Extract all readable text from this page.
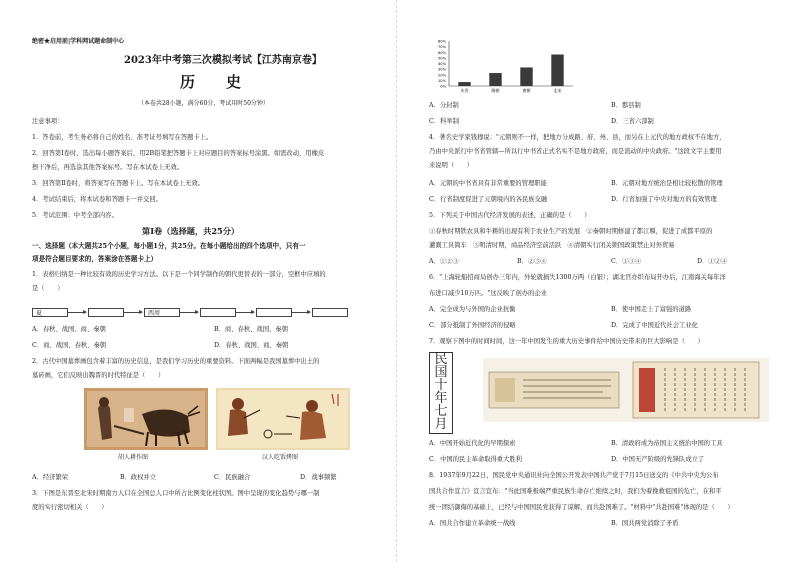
绝密★启用前|学科网试题命制中心
2023年中考第三次模拟考试【江苏南京卷】
历　史
（本卷共28小题，满分60分，考试用时50分钟）
注意事项：
1．答卷前，考生务必将自己的姓名、准考证号填写在答题卡上。
2．回答第Ⅰ卷时，选出每小题答案后，用2B铅笔把答题卡上对应题目的答案标号涂黑。如需改动，用橡皮
擦干净后，再选涂其他答案标号。写在本试卷上无效。
3．回答第Ⅱ卷时，将答案写在答题卡上。写在本试卷上无效。
4．考试结束后，将本试卷和答题卡一并交回。
5．考试范围：中考全部内容。
第Ⅰ卷（选择题，共25分）
一、选择题（本大题共25个小题，每小题1分，共25分。在每小题给出的四个选项中，只有一
项是符合题目要求的，答案涂在答题卡上）
1．表格归纳是一种比较有效的历史学习方法。以下是一个同学制作的朝代更替表的一部分，空框中应填的
是（　　）
夏	西周
A．春秋、战国、商、秦朝	B．商、春秋、战国、秦朝
C．商、战国、春秋、秦朝	D．春秋、战国、商、秦朝
2．古代中国墓葬画包含着丰富的历史信息，是我们学习历史的重要资料。下面两幅是我国墓葬中出土的
墓砖画，它们反映出魏晋的时代特征是（　　）
胡人耕作图	汉人吃饭烤图
A．经济繁荣	B．政权并立	C．民族融合	D．战事频繁
3．下图是东晋至北宋时期南方人口在全国总人口中所占比例变化柱状图。图中呈现的变化趋势与哪一制
度的实行密切相关（　　）
80%
70%
60%
50%
40%
30%
20%
10%
0%
东晋	隋朝	唐朝	北宋
A．分封制	B．郡县制
C．科举制	D．三省六部制
4．著名史学家钱穆说："元朝则不一样，把地方分成路、府、州、县，而另在上元代的地方政权不在地方，
乃由中央派行中书省管辖—所以行中书省正式名实不是地方政府，而是流动的中央政府。"这段文字主要用
来说明（　　）
A．元朝的中书省具有非常重要的管理职能	B．元朝对地方统治是相比较松散的管理
C．行省制度促进了元朝境内的各民族交融	D．行省加强了中央对地方的有效管理
5．下列关于中国古代经济发展的表述，正确的是（　　）
①春秋时期铁农具和牛耕的出现有利于农业生产的发展　②秦朝时期修建了都江堰，促进了成都平原的
灌溉工具简车　③明清时期，商品经济空前活跃　④清朝实行闭关锁国政策禁止对外贸易
A．①②③	B．②③④	C．①③④	D．①②④
6．"上海轮船招商局创办三年内，外轮就损失1300万两（白银）；湖北官办织布局开办后，江南海关每年洋
布进口减少10万匹。"这反映了创办的企业
A．完全成为与外国的企业抗衡	B．使中国走上了富强的道路
C．部分抵制了外国经济的侵略	D．完成了中国近代社会工业化
7．观察下图中的时间时间，这一年中国发生的重大历史事件给中国历史带来的巨大影响是（　　）
民
国
十
年
七
月
A．中国开始近代化的早期探索	B．清政府成为帝国主义统治中国的工具
C．中国的民主革命取得重大胜利	D．中国无产阶级的先锋队成立了
8．1937年9月22日，国民党中央通讯社向全国公开发表中国共产党于7月15日送交的《中共中央为公布
国共合作宣言》宣言宣布："当此国难极端严重民族生命存亡绝续之时，我们为着挽救祖国的危亡，在和平
统一团结御侮的基础上，已经与中国国民党获得了谅解，而共赴国难了。"材料中"共赴国难"体现的是（　　）
A．国共合作建立革命统一战线	B．国共两党消除了矛盾
